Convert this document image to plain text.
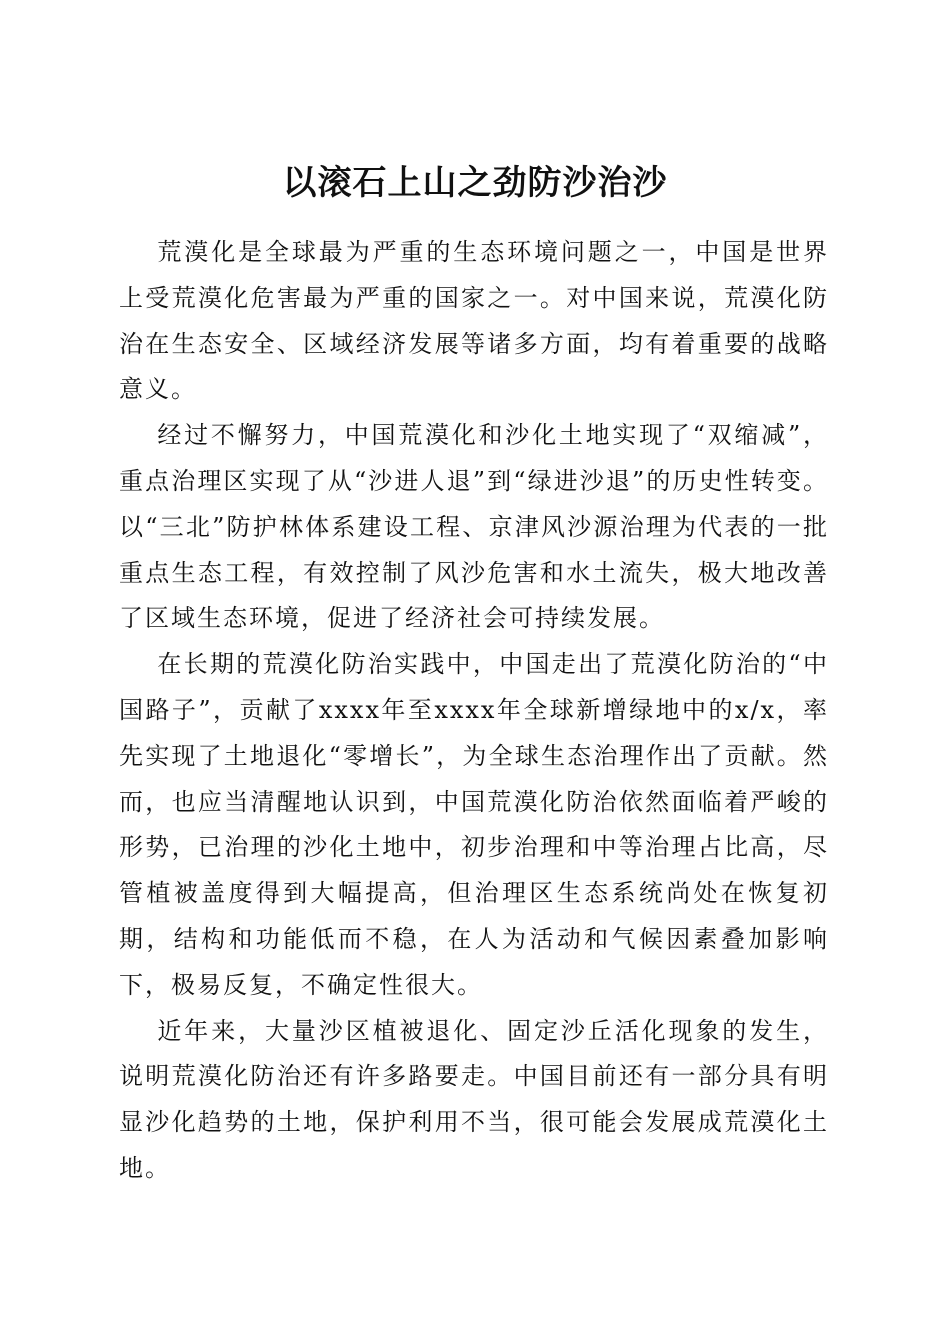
以滚石上山之劲防沙治沙

荒漠化是全球最为严重的生态环境问题之一，中国是世界上受荒漠化危害最为严重的国家之一。对中国来说，荒漠化防治在生态安全、区域经济发展等诸多方面，均有着重要的战略意义。

经过不懈努力，中国荒漠化和沙化土地实现了“双缩减”，重点治理区实现了从“沙进人退”到“绿进沙退”的历史性转变。以“三北”防护林体系建设工程、京津风沙源治理为代表的一批重点生态工程，有效控制了风沙危害和水土流失，极大地改善了区域生态环境，促进了经济社会可持续发展。

在长期的荒漠化防治实践中，中国走出了荒漠化防治的“中国路子”，贡献了xxxx年至xxxx年全球新增绿地中的x/x，率先实现了土地退化“零增长”，为全球生态治理作出了贡献。然而，也应当清醒地认识到，中国荒漠化防治依然面临着严峻的形势，已治理的沙化土地中，初步治理和中等治理占比高，尽管植被盖度得到大幅提高，但治理区生态系统尚处在恢复初期，结构和功能低而不稳，在人为活动和气候因素叠加影响下，极易反复，不确定性很大。

近年来，大量沙区植被退化、固定沙丘活化现象的发生，说明荒漠化防治还有许多路要走。中国目前还有一部分具有明显沙化趋势的土地，保护利用不当，很可能会发展成荒漠化土地。
